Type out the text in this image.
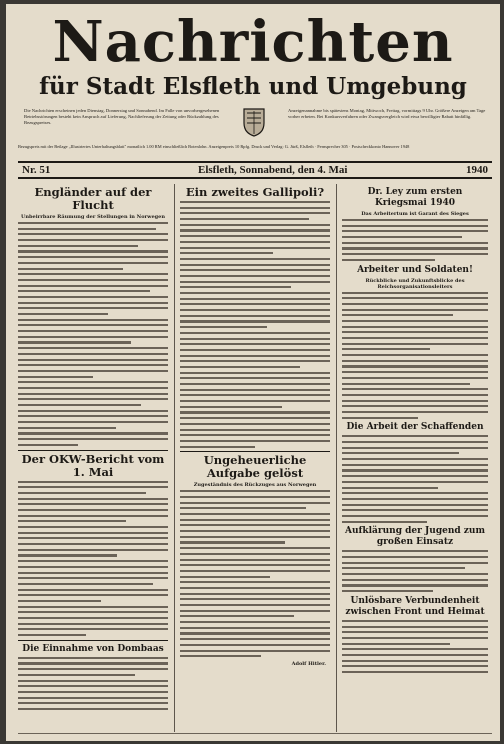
Nachrichten
für Stadt Elsfleth und Umgebung
Die Nachrichten erscheinen jeden Dienstag, Donnerstag und Sonnabend. Im Falle von unvorhergesehenen Betriebsstörungen besteht kein Anspruch auf Lieferung, Nachlieferung der Zeitung oder Rückzahlung des Bezugspreises.
Anzeigenannahme bis spätestens Montag, Mittwoch, Freitag, vormittags 9 Uhr. Größere Anzeigen am Tage vorher erbeten. Bei Konkursverfahren oder Zwangsvergleich wird etwa bewilligter Rabatt hinfällig.
Bezugspreis mit der Beilage „Illustriertes Unterhaltungsblatt" monatlich 1.00 RM einschließlich Botenlohn. Anzeigenpreis 10 Rpfg. Druck und Verlag: G. Jürß, Elsfleth · Fernsprecher 305 · Postscheckkonto Hannover 1948
Nr. 51	Elsfleth, Sonnabend, den 4. Mai	1940
Engländer auf der Flucht
Unbeirrbare Räumung der Stellungen in Norwegen
Der OKW-Bericht vom 1. Mai
Die Einnahme von Dombaas
Ein zweites Gallipoli?
Ungeheuerliche Aufgabe gelöst
Zugeständnis des Rückzuges aus Norwegen
Adolf Hitler.
Dr. Ley zum ersten Kriegsmai 1940
Das Arbeitertum ist Garant des Sieges
Arbeiter und Soldaten!
Rückblicke und Zukunftsblicke des Reichsorganisationsleiters
Die Arbeit der Schaffenden
Aufklärung der Jugend zum großen Einsatz
Unlösbare Verbundenheit zwischen Front und Heimat
